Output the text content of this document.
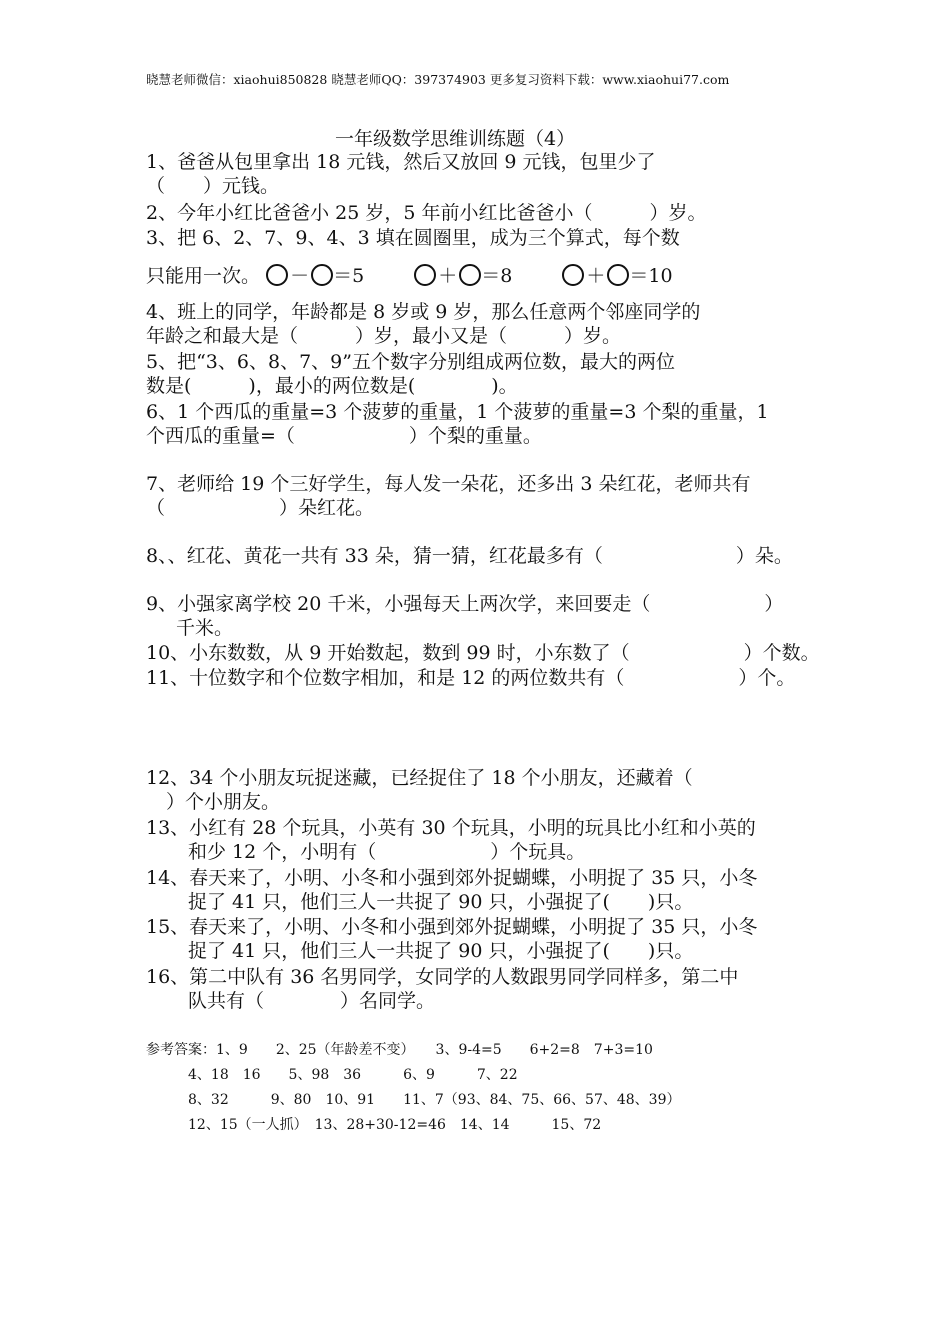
晓慧老师微信：xiaohui850828 晓慧老师QQ：397374903 更多复习资料下载：www.xiaohui77.com
一年级数学思维训练题（4）
1、爸爸从包里拿出 18 元钱，然后又放回 9 元钱，包里少了
（　　）元钱。
2、今年小红比爸爸小 25 岁，5 年前小红比爸爸小（　　　）岁。
3、把 6、2、7、9、4、3 填在圆圈里，成为三个算式，每个数
只能用一次。 － ＝5	＋ ＝8	＋ ＝10
4、班上的同学，年龄都是 8 岁或 9 岁，那么任意两个邻座同学的
年龄之和最大是（　　　）岁，最小又是（　　　）岁。
5、把“3、6、8、7、9”五个数字分别组成两位数，最大的两位
数是(　　　)，最小的两位数是(　　　　)。
6、1 个西瓜的重量=3 个菠萝的重量，1 个菠萝的重量=3 个梨的重量，1
个西瓜的重量=（　　　　　　）个梨的重量。
7、老师给 19 个三好学生，每人发一朵花，还多出 3 朵红花，老师共有
（　　　　　　）朵红花。
8、、红花、黄花一共有 33 朵，猜一猜，红花最多有（　　　　　　　）朵。
9、小强家离学校 20 千米，小强每天上两次学，来回要走（　　　　　　）
千米。
10、小东数数，从 9 开始数起，数到 99 时，小东数了（　　　　　　）个数。
11、十位数字和个位数字相加，和是 12 的两位数共有（　　　　　　）个。
12、34 个小朋友玩捉迷藏，已经捉住了 18 个小朋友，还藏着（
）个小朋友。
13、小红有 28 个玩具，小英有 30 个玩具，小明的玩具比小红和小英的
和少 12 个，小明有（　　　　　　）个玩具。
14、春天来了，小明、小冬和小强到郊外捉蝴蝶，小明捉了 35 只，小冬
捉了 41 只，他们三人一共捉了 90 只，小强捉了(　　)只。
15、春天来了，小明、小冬和小强到郊外捉蝴蝶，小明捉了 35 只，小冬
捉了 41 只，他们三人一共捉了 90 只，小强捉了(　　)只。
16、第二中队有 36 名男同学，女同学的人数跟男同学同样多，第二中
队共有（　　　　）名同学。
参考答案：1、9　　2、25（年龄差不变）　　3、9-4=5　　6+2=8　7+3=10
4、18　16　　5、98　36　　　6、9　　　7、22
8、32　　　9、80　10、91　　11、7（93、84、75、66、57、48、39）
12、15（一人抓）　13、28+30-12=46　14、14　　　15、72
